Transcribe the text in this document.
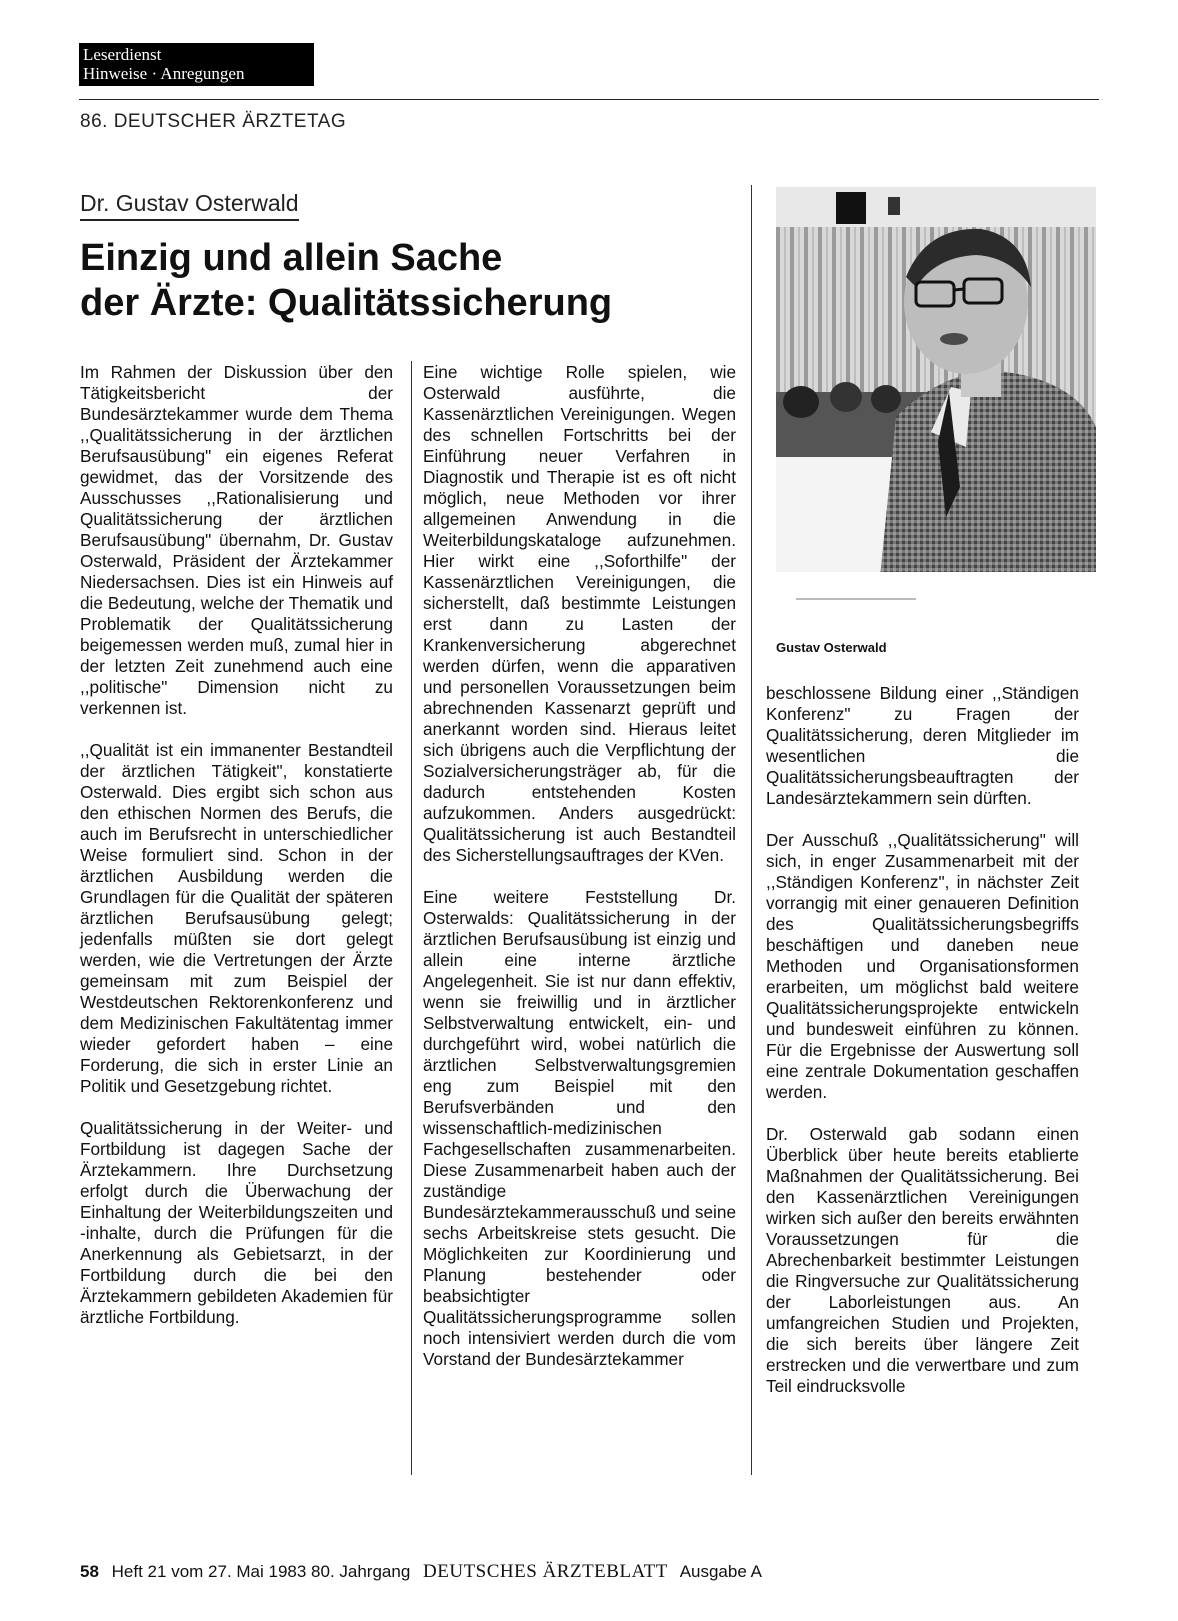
Leserdienst
Hinweise · Anregungen
86. DEUTSCHER ÄRZTETAG
Dr. Gustav Osterwald
Einzig und allein Sache
der Ärzte: Qualitätssicherung
Gustav Osterwald

Im Rahmen der Diskussion über den Tätigkeitsbericht der Bundesärztekammer wurde dem Thema ,,Qualitätssicherung in der ärztlichen Berufsausübung" ein eigenes Referat gewidmet, das der Vorsitzende des Ausschusses ,,Rationalisierung und Qualitätssicherung der ärztlichen Berufsausübung" übernahm, Dr. Gustav Osterwald, Präsident der Ärztekammer Niedersachsen. Dies ist ein Hinweis auf die Bedeutung, welche der Thematik und Problematik der Qualitätssicherung beigemessen werden muß, zumal hier in der letzten Zeit zunehmend auch eine ,,politische" Dimension nicht zu verkennen ist.

,,Qualität ist ein immanenter Bestandteil der ärztlichen Tätigkeit", konstatierte Osterwald. Dies ergibt sich schon aus den ethischen Normen des Berufs, die auch im Berufsrecht in unterschiedlicher Weise formuliert sind. Schon in der ärztlichen Ausbildung werden die Grundlagen für die Qualität der späteren ärztlichen Berufsausübung gelegt; jedenfalls müßten sie dort gelegt werden, wie die Vertretungen der Ärzte gemeinsam mit zum Beispiel der Westdeutschen Rektorenkonferenz und dem Medizinischen Fakultätentag immer wieder gefordert haben – eine Forderung, die sich in erster Linie an Politik und Gesetzgebung richtet.

Qualitätssicherung in der Weiter- und Fortbildung ist dagegen Sache der Ärztekammern. Ihre Durchsetzung erfolgt durch die Überwachung der Einhaltung der Weiterbildungszeiten und -inhalte, durch die Prüfungen für die Anerkennung als Gebietsarzt, in der Fortbildung durch die bei den Ärztekammern gebildeten Akademien für ärztliche Fortbildung.

Eine wichtige Rolle spielen, wie Osterwald ausführte, die Kassenärztlichen Vereinigungen. Wegen des schnellen Fortschritts bei der Einführung neuer Verfahren in Diagnostik und Therapie ist es oft nicht möglich, neue Methoden vor ihrer allgemeinen Anwendung in die Weiterbildungskataloge aufzunehmen. Hier wirkt eine ,,Soforthilfe" der Kassenärztlichen Vereinigungen, die sicherstellt, daß bestimmte Leistungen erst dann zu Lasten der Krankenversicherung abgerechnet werden dürfen, wenn die apparativen und personellen Voraussetzungen beim abrechnenden Kassenarzt geprüft und anerkannt worden sind. Hieraus leitet sich übrigens auch die Verpflichtung der Sozialversicherungsträger ab, für die dadurch entstehenden Kosten aufzukommen. Anders ausgedrückt: Qualitätssicherung ist auch Bestandteil des Sicherstellungsauftrages der KVen.

Eine weitere Feststellung Dr. Osterwalds: Qualitätssicherung in der ärztlichen Berufsausübung ist einzig und allein eine interne ärztliche Angelegenheit. Sie ist nur dann effektiv, wenn sie freiwillig und in ärztlicher Selbstverwaltung entwickelt, ein- und durchgeführt wird, wobei natürlich die ärztlichen Selbstverwaltungsgremien eng zum Beispiel mit den Berufsverbänden und den wissenschaftlich-medizinischen Fachgesellschaften zusammenarbeiten. Diese Zusammenarbeit haben auch der zuständige Bundesärztekammerausschuß und seine sechs Arbeitskreise stets gesucht. Die Möglichkeiten zur Koordinierung und Planung bestehender oder beabsichtigter Qualitätssicherungsprogramme sollen noch intensiviert werden durch die vom Vorstand der Bundesärztekammer

beschlossene Bildung einer ,,Ständigen Konferenz" zu Fragen der Qualitätssicherung, deren Mitglieder im wesentlichen die Qualitätssicherungsbeauftragten der Landesärztekammern sein dürften.

Der Ausschuß ,,Qualitätssicherung" will sich, in enger Zusammenarbeit mit der ,,Ständigen Konferenz", in nächster Zeit vorrangig mit einer genaueren Definition des Qualitätssicherungsbegriffs beschäftigen und daneben neue Methoden und Organisationsformen erarbeiten, um möglichst bald weitere Qualitätssicherungsprojekte entwickeln und bundesweit einführen zu können. Für die Ergebnisse der Auswertung soll eine zentrale Dokumentation geschaffen werden.

Dr. Osterwald gab sodann einen Überblick über heute bereits etablierte Maßnahmen der Qualitätssicherung. Bei den Kassenärztlichen Vereinigungen wirken sich außer den bereits erwähnten Voraussetzungen für die Abrechenbarkeit bestimmter Leistungen die Ringversuche zur Qualitätssicherung der Laborleistungen aus. An umfangreichen Studien und Projekten, die sich bereits über längere Zeit erstrecken und die verwertbare und zum Teil eindrucksvolle

58 Heft 21 vom 27. Mai 1983 80. Jahrgang DEUTSCHES ÄRZTEBLATT Ausgabe A
